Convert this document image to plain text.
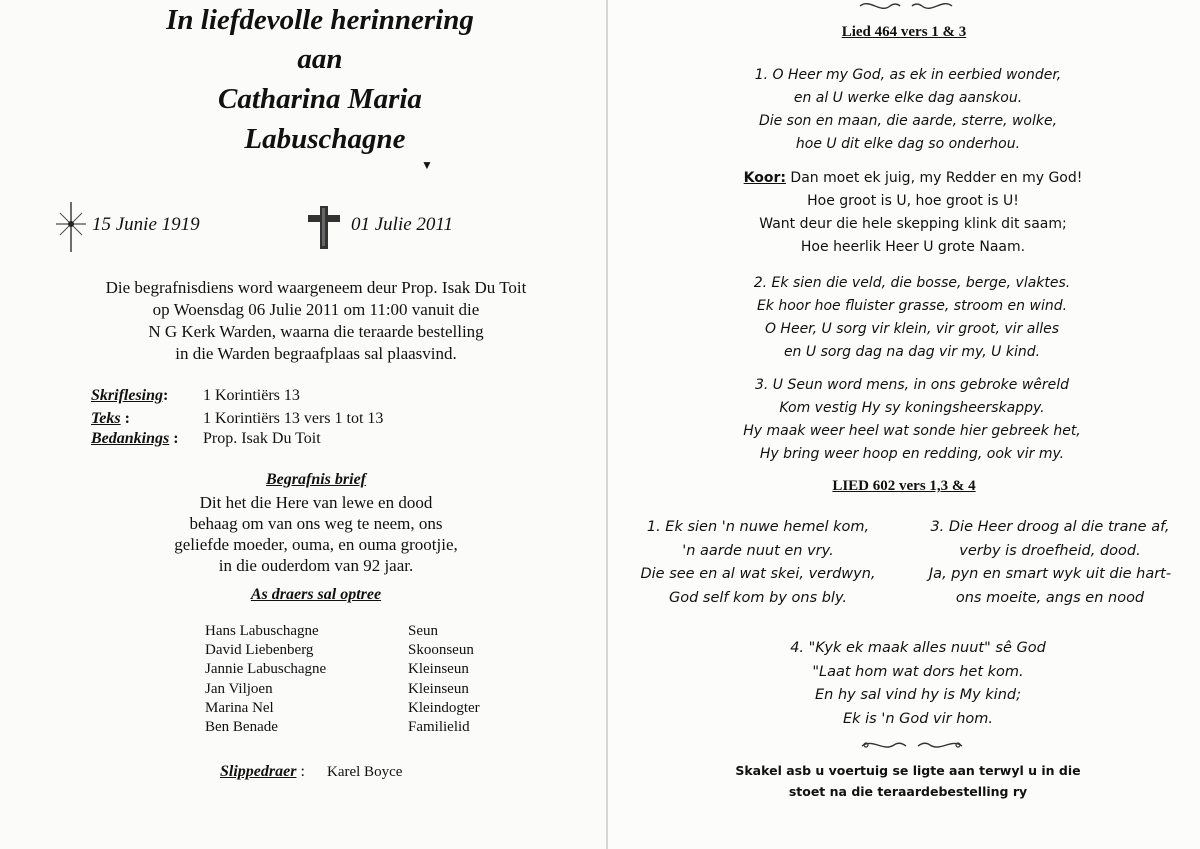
In liefdevolle herinnering
aan
Catharina Maria
Labuschagne
▼
15 Junie 1919	01 Julie 2011
Die begrafnisdiens word waargeneem deur Prop. Isak Du Toit
op Woensdag 06 Julie 2011 om 11:00 vanuit die
N G Kerk Warden, waarna die teraarde bestelling
in die Warden begraafplaas sal plaasvind.
Skriflesing: 1 Korintiërs 13
Teks :	1 Korintiërs 13 vers 1 tot 13
Bedankings : Prop. Isak Du Toit
Begrafnis brief
Dit het die Here van lewe en dood
behaag om van ons weg te neem, ons
geliefde moeder, ouma, en ouma grootjie,
in die ouderdom van 92 jaar.
As draers sal optree
Hans Labuschagne
David Liebenberg
Jannie Labuschagne
Jan Viljoen
Marina Nel
Ben Benade
Seun
Skoonseun
Kleinseun
Kleinseun
Kleindogter
Familielid
Slippedraer : Karel Boyce
Lied 464 vers 1 & 3
1. O Heer my God, as ek in eerbied wonder,
en al U werke elke dag aanskou.
Die son en maan, die aarde, sterre, wolke,
hoe U dit elke dag so onderhou.
Koor: Dan moet ek juig, my Redder en my God!
Hoe groot is U, hoe groot is U!
Want deur die hele skepping klink dit saam;
Hoe heerlik Heer U grote Naam.
2. Ek sien die veld, die bosse, berge, vlaktes.
Ek hoor hoe fluister grasse, stroom en wind.
O Heer, U sorg vir klein, vir groot, vir alles
en U sorg dag na dag vir my, U kind.
3. U Seun word mens, in ons gebroke wêreld
Kom vestig Hy sy koningsheerskappy.
Hy maak weer heel wat sonde hier gebreek het,
Hy bring weer hoop en redding, ook vir my.
LIED 602 vers 1,3 & 4
1. Ek sien 'n nuwe hemel kom,
'n aarde nuut en vry.
Die see en al wat skei, verdwyn,
God self kom by ons bly.
3. Die Heer droog al die trane af,
verby is droefheid, dood.
Ja, pyn en smart wyk uit die hart-
ons moeite, angs en nood
4. "Kyk ek maak alles nuut" sê God
"Laat hom wat dors het kom.
En hy sal vind hy is My kind;
Ek is 'n God vir hom.
Skakel asb u voertuig se ligte aan terwyl u in die
stoet na die teraardebestelling ry
